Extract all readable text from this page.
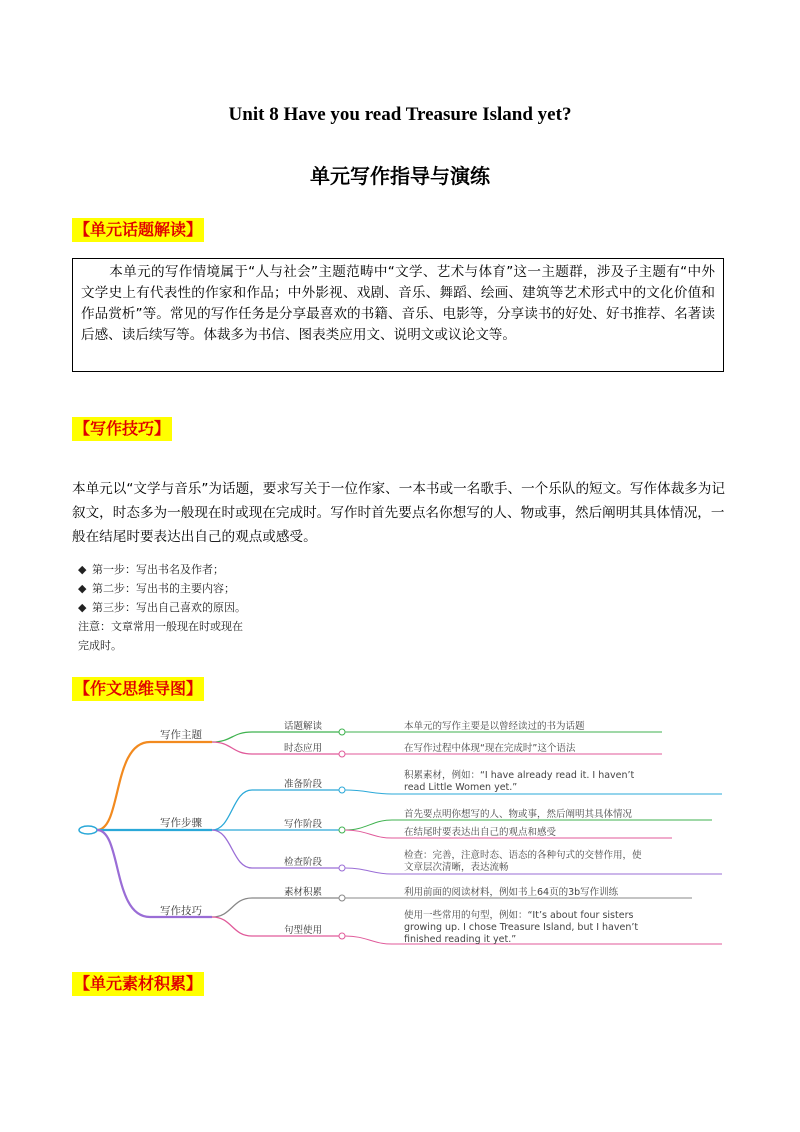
Unit 8 Have you read Treasure Island yet?
单元写作指导与演练
【单元话题解读】
本单元的写作情境属于“人与社会”主题范畴中“文学、艺术与体育”这一主题群，涉及子主题有“中外文学史上有代表性的作家和作品；中外影视、戏剧、音乐、舞蹈、绘画、建筑等艺术形式中的文化价值和作品赏析”等。常见的写作任务是分享最喜欢的书籍、音乐、电影等，分享读书的好处、好书推荐、名著读后感、读后续写等。体裁多为书信、图表类应用文、说明文或议论文等。
【写作技巧】
本单元以“文学与音乐”为话题，要求写关于一位作家、一本书或一名歌手、一个乐队的短文。写作体裁多为记叙文，时态多为一般现在时或现在完成时。写作时首先要点名你想写的人、物或事，然后阐明其具体情况，一般在结尾时要表达出自己的观点或感受。
◆ 第一步：写出书名及作者；
◆ 第二步：写出书的主要内容；
◆ 第三步：写出自己喜欢的原因。
注意：文章常用一般现在时或现在
完成时。
【作文思维导图】
写作主题
写作步骤
写作技巧
话题解读
时态应用
本单元的写作主要是以曾经读过的书为话题
在写作过程中体现“现在完成时”这个语法
准备阶段
写作阶段
检查阶段
积累素材，例如：“I have already read it. I haven’t
read Little Women yet.”
首先要点明你想写的人、物或事，然后阐明其具体情况
在结尾时要表达出自己的观点和感受
检查：完善，注意时态、语态的各种句式的交替作用，使
文章层次清晰，表达流畅
素材积累
句型使用
利用前面的阅读材料，例如书上64页的3b写作训练
使用一些常用的句型，例如：“It’s about four sisters
growing up. I chose Treasure Island, but I haven’t
finished reading it yet.”
【单元素材积累】
